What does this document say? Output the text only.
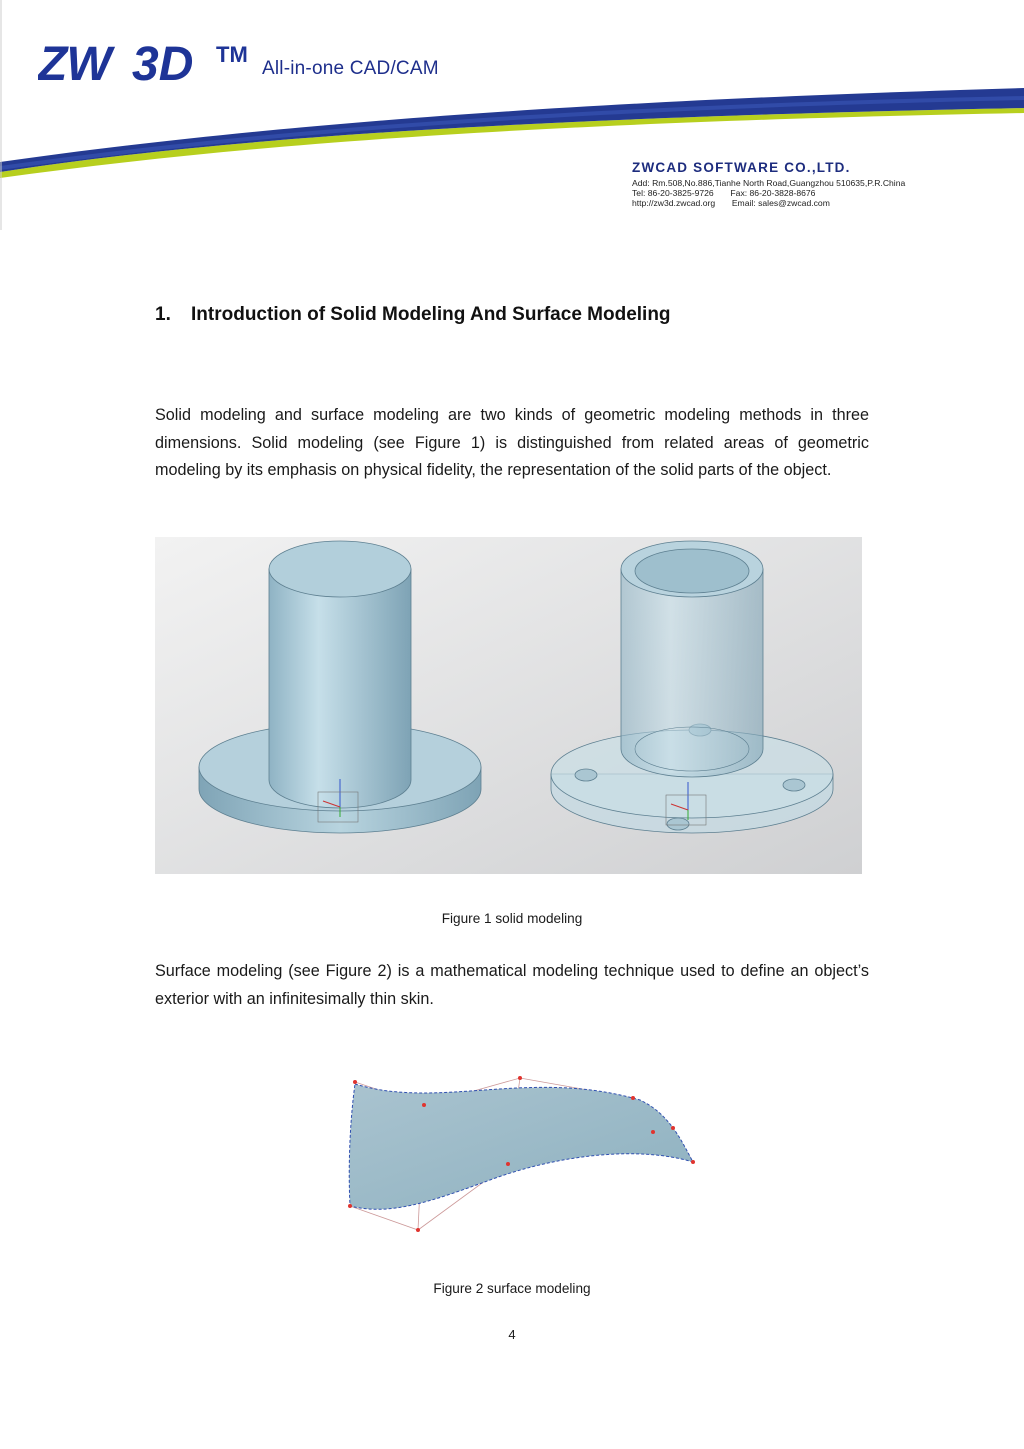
ZW 3D TM
All-in-one CAD/CAM
ZWCAD SOFTWARE CO.,LTD.
Add: Rm.508,No.886,Tianhe North Road,Guangzhou 510635,P.R.China
Tel: 86-20-3825-9726       Fax: 86-20-3828-8676
http://zw3d.zwcad.org       Email: sales@zwcad.com
1. Introduction of Solid Modeling And Surface Modeling

Solid modeling and surface modeling are two kinds of geometric modeling methods in three dimensions. Solid modeling (see Figure 1) is distinguished from related areas of geometric modeling by its emphasis on physical fidelity, the representation of the solid parts of the object.

Figure 1 solid modeling

Surface modeling (see Figure 2) is a mathematical modeling technique used to define an object’s exterior with an infinitesimally thin skin.

Figure 2 surface modeling
4
